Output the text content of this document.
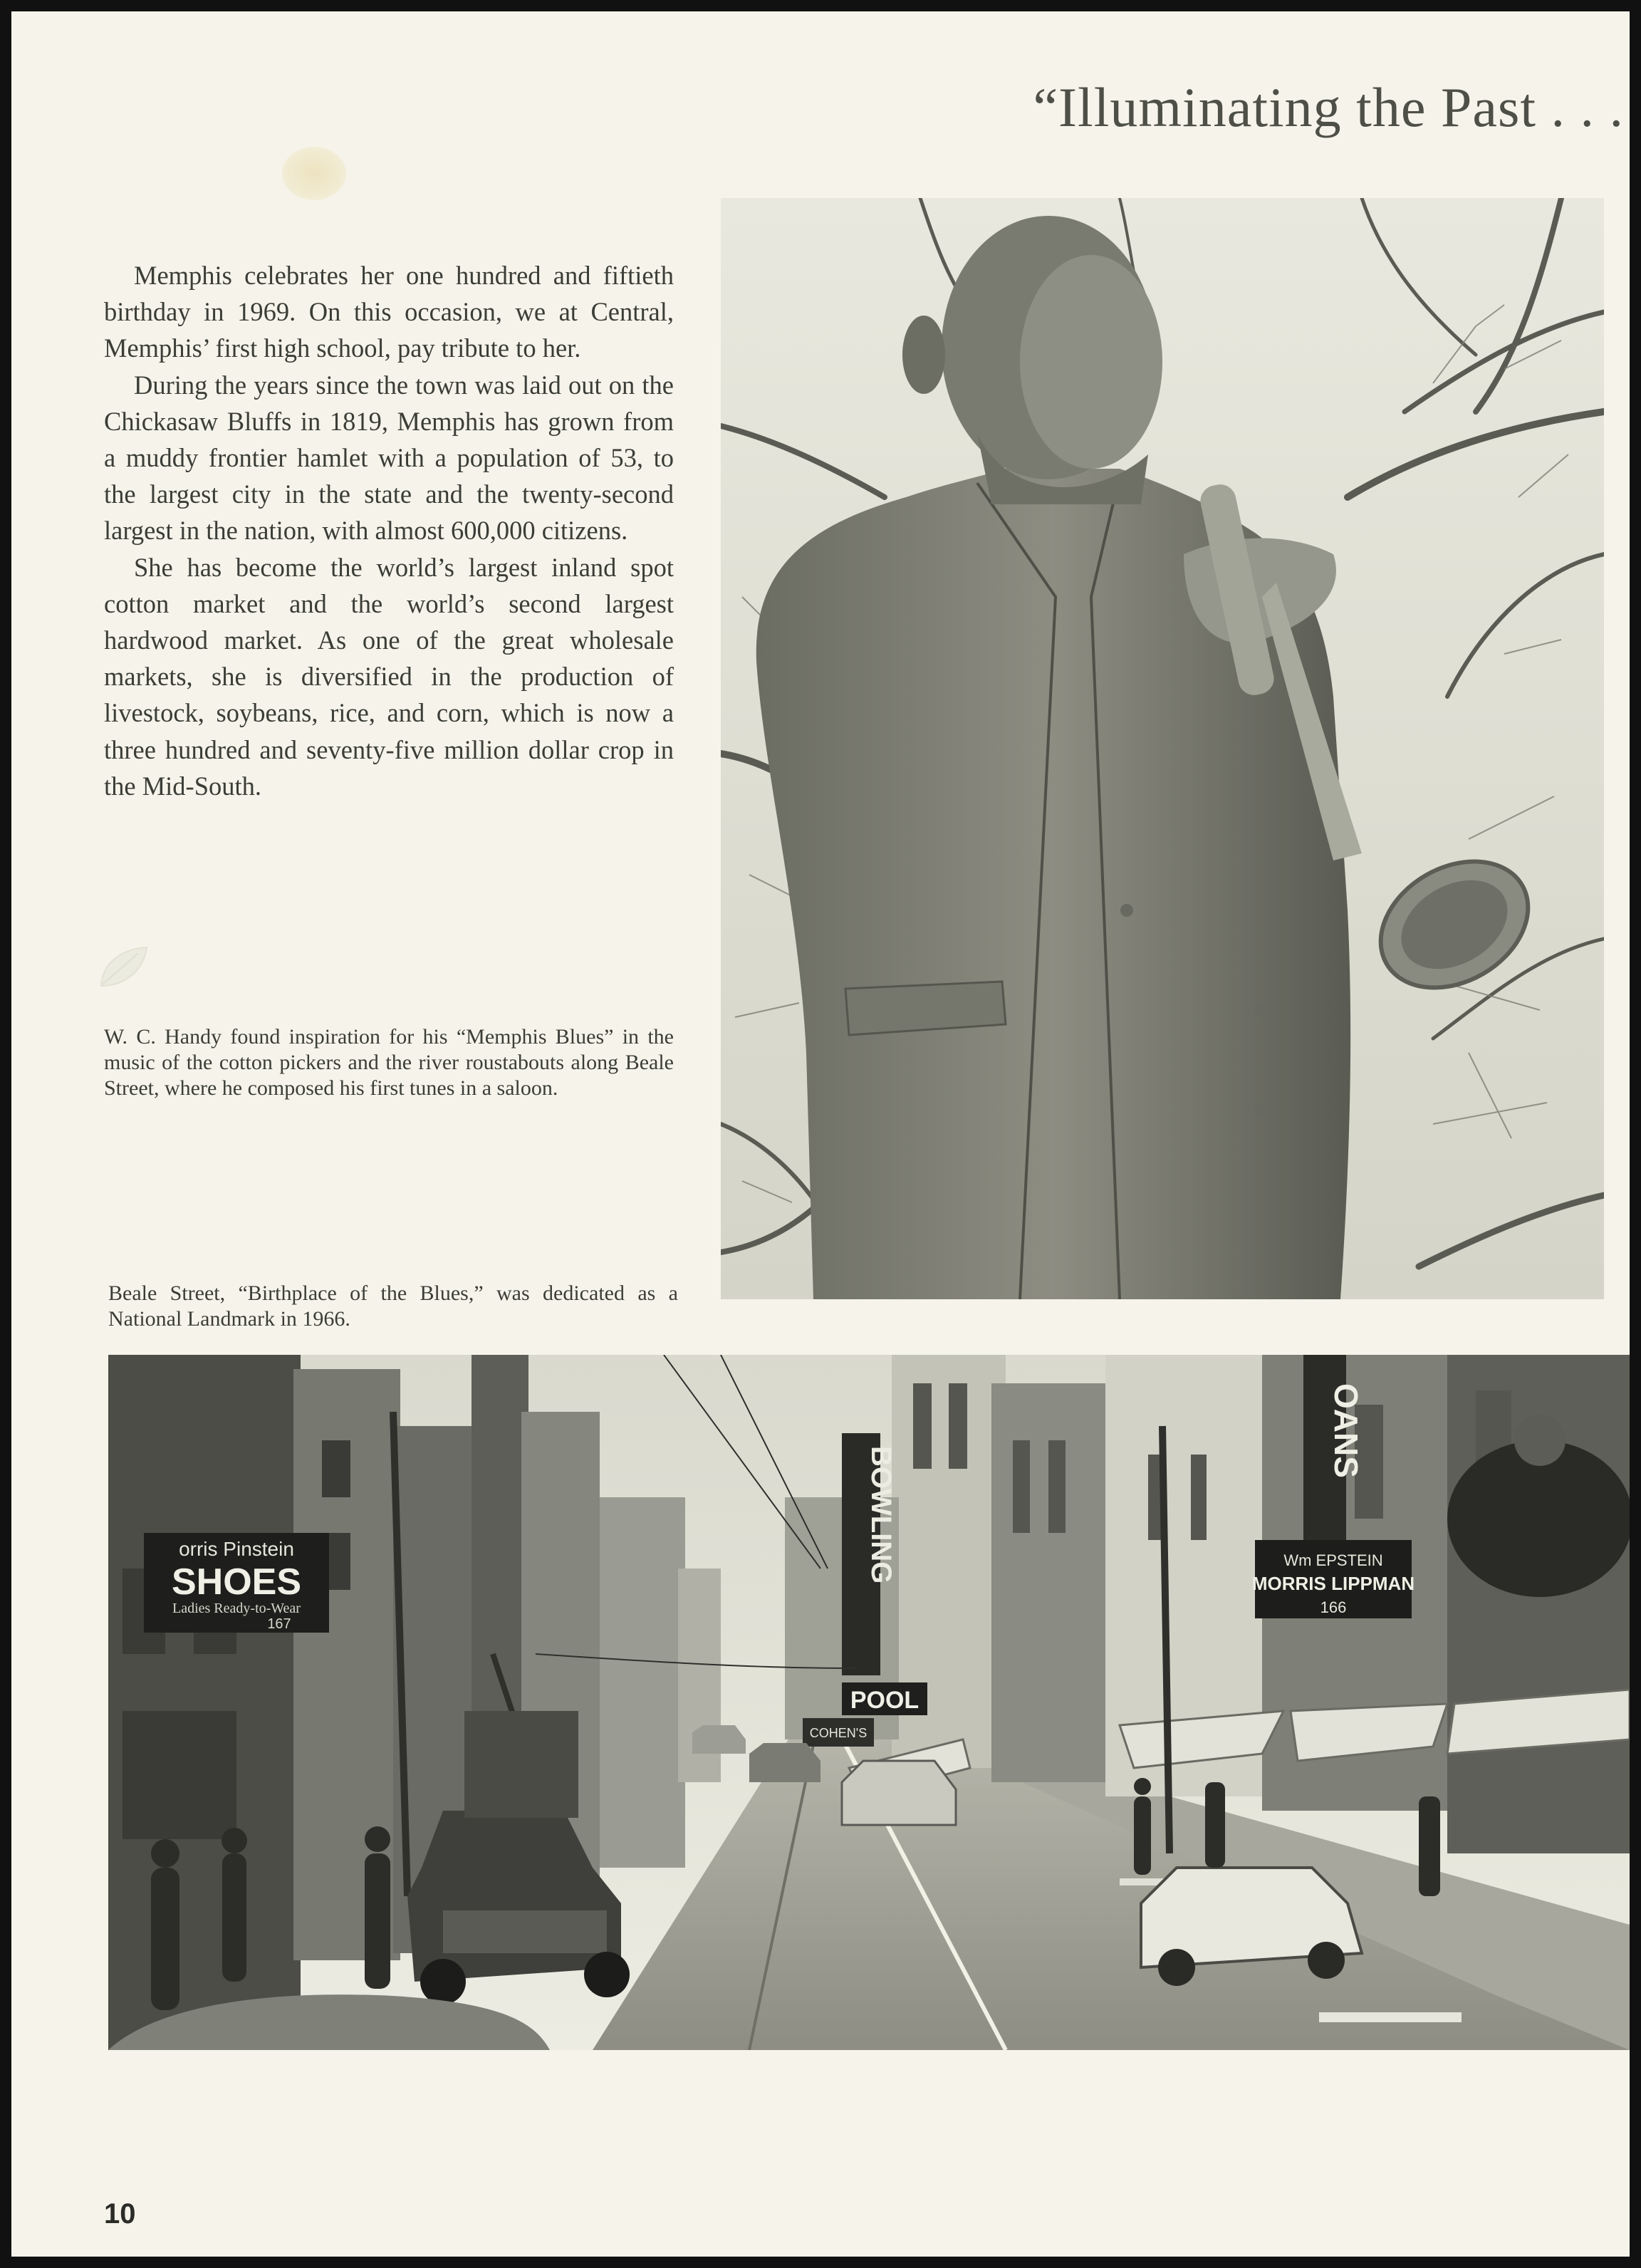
“Illuminating the Past . . .

Memphis celebrates her one hundred and fiftieth birthday in 1969. On this occasion, we at Central, Memphis’ first high school, pay tribute to her.

During the years since the town was laid out on the Chickasaw Bluffs in 1819, Memphis has grown from a muddy frontier hamlet with a population of 53, to the largest city in the state and the twenty-second largest in the nation, with almost 600,000 citizens.

She has become the world’s largest inland spot cotton market and the world’s second largest hardwood market. As one of the great wholesale markets, she is diversified in the production of livestock, soybeans, rice, and corn, which is now a three hundred and seventy-five million dollar crop in the Mid-South.

W. C. Handy found inspiration for his “Memphis Blues” in the music of the cotton pickers and the river roustabouts along Beale Street, where he composed his first tunes in a saloon.
Beale Street, “Birthplace of the Blues,” was dedicated as a National Landmark in 1966.
orris Pinstein
SHOES
Ladies Ready-to-Wear
167
BOWLING
POOL
COHEN'S
OANS
Wm EPSTEIN
MORRIS LIPPMAN
166
10
